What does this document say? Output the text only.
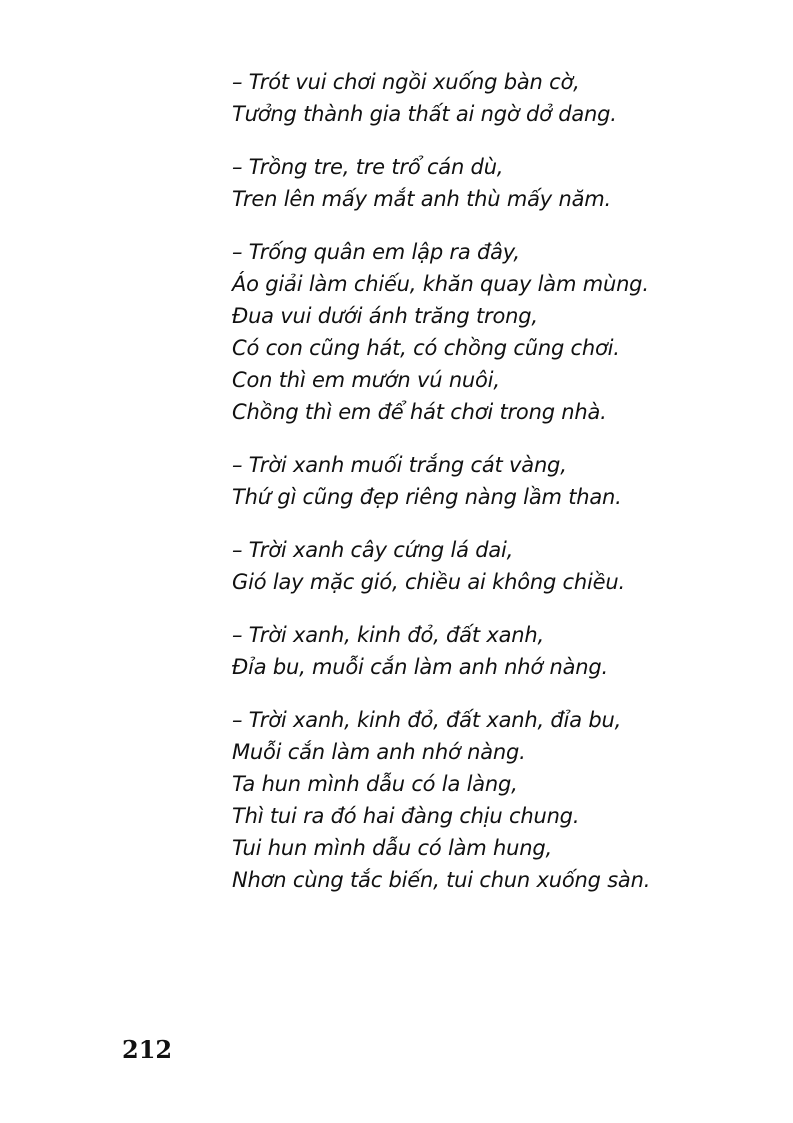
– Trót vui chơi ngồi xuống bàn cờ,
Tưởng thành gia thất ai ngờ dở dang.
– Trồng tre, tre trổ cán dù,
Tren lên mấy mắt anh thù mấy năm.
– Trống quân em lập ra đây,
Áo giải làm chiếu, khăn quay làm mùng.
Đua vui dưới ánh trăng trong,
Có con cũng hát, có chồng cũng chơi.
Con thì em mướn vú nuôi,
Chồng thì em để hát chơi trong nhà.
– Trời xanh muối trắng cát vàng,
Thứ gì cũng đẹp riêng nàng lầm than.
– Trời xanh cây cứng lá dai,
Gió lay mặc gió, chiều ai không chiều.
– Trời xanh, kinh đỏ, đất xanh,
Đỉa bu, muỗi cắn làm anh nhớ nàng.
– Trời xanh, kinh đỏ, đất xanh, đỉa bu,
Muỗi cắn làm anh nhớ nàng.
Ta hun mình dẫu có la làng,
Thì tui ra đó hai đàng chịu chung.
Tui hun mình dẫu có làm hung,
Nhơn cùng tắc biến, tui chun xuống sàn.
212
